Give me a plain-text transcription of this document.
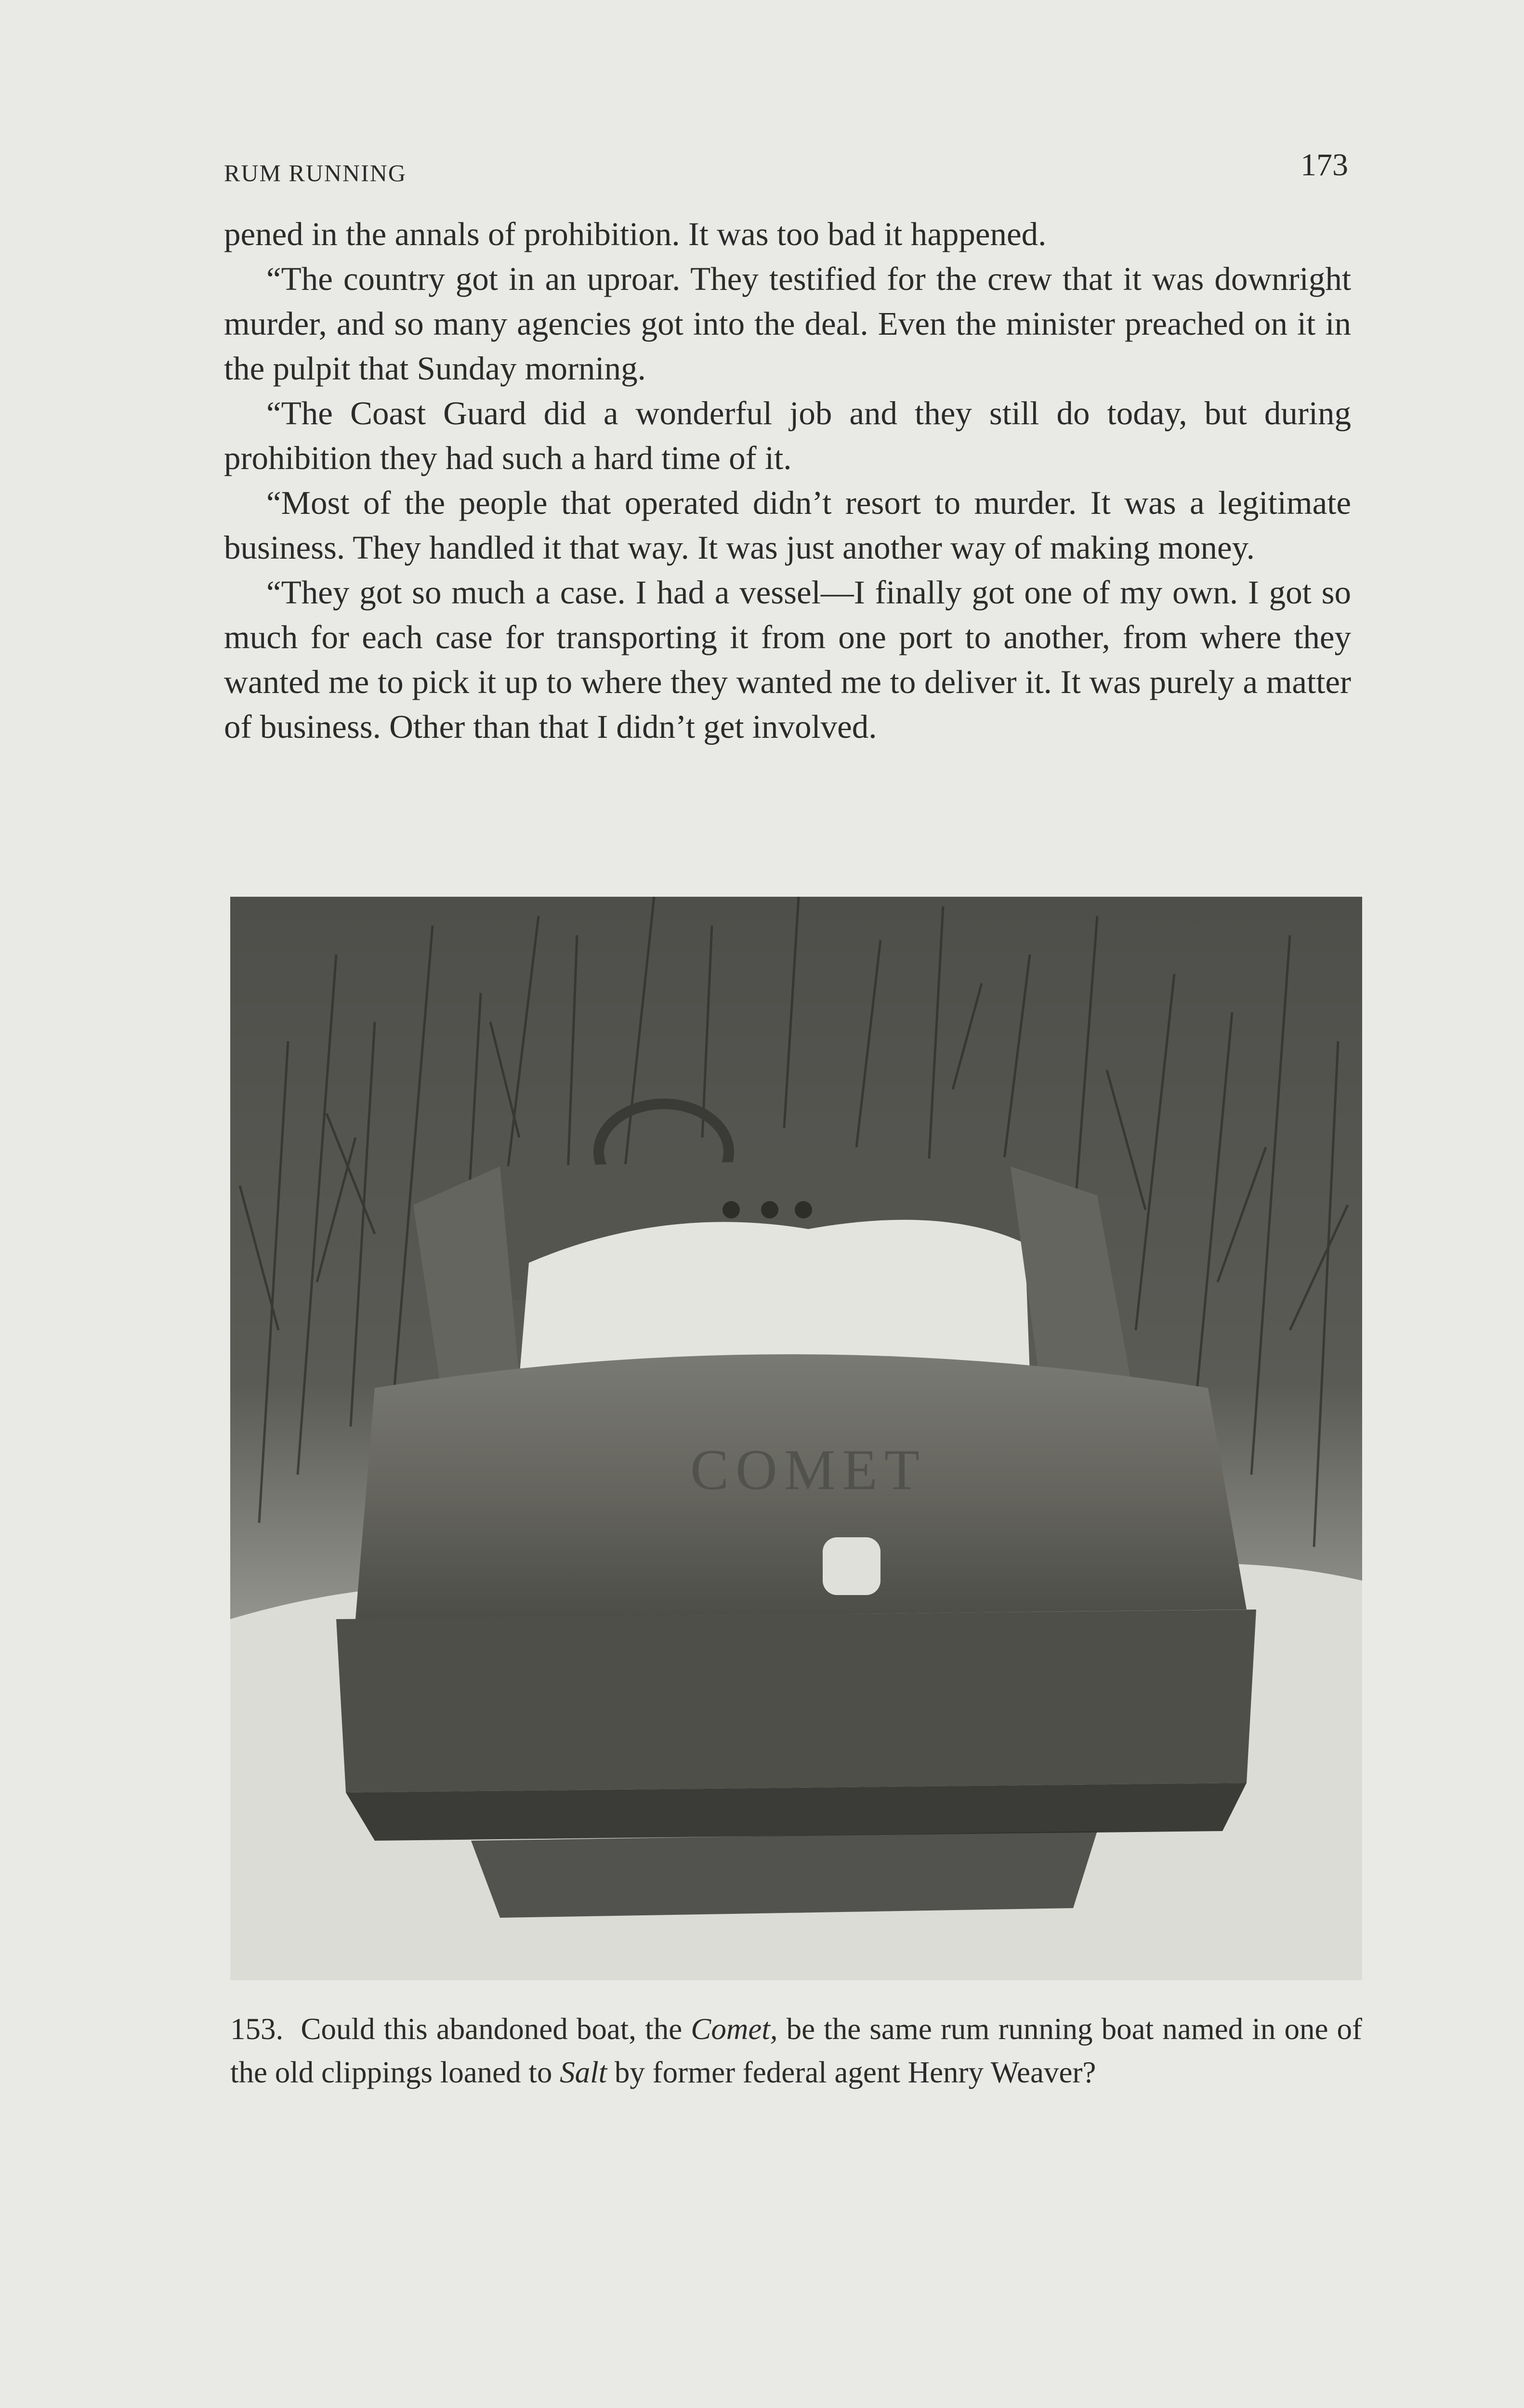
RUM RUNNING	173

pened in the annals of prohibition. It was too bad it happened.

“The country got in an uproar. They testified for the crew that it was downright murder, and so many agencies got into the deal. Even the minister preached on it in the pulpit that Sunday morning.

“The Coast Guard did a wonderful job and they still do today, but during prohibition they had such a hard time of it.

“Most of the people that operated didn’t resort to murder. It was a legitimate business. They handled it that way. It was just another way of making money.

“They got so much a case. I had a vessel—I finally got one of my own. I got so much for each case for transporting it from one port to another, from where they wanted me to pick it up to where they wanted me to deliver it. It was purely a matter of business. Other than that I didn’t get involved.

COMET
153. Could this abandoned boat, the Comet, be the same rum running boat named in one of the old clippings loaned to Salt by former federal agent Henry Weaver?
